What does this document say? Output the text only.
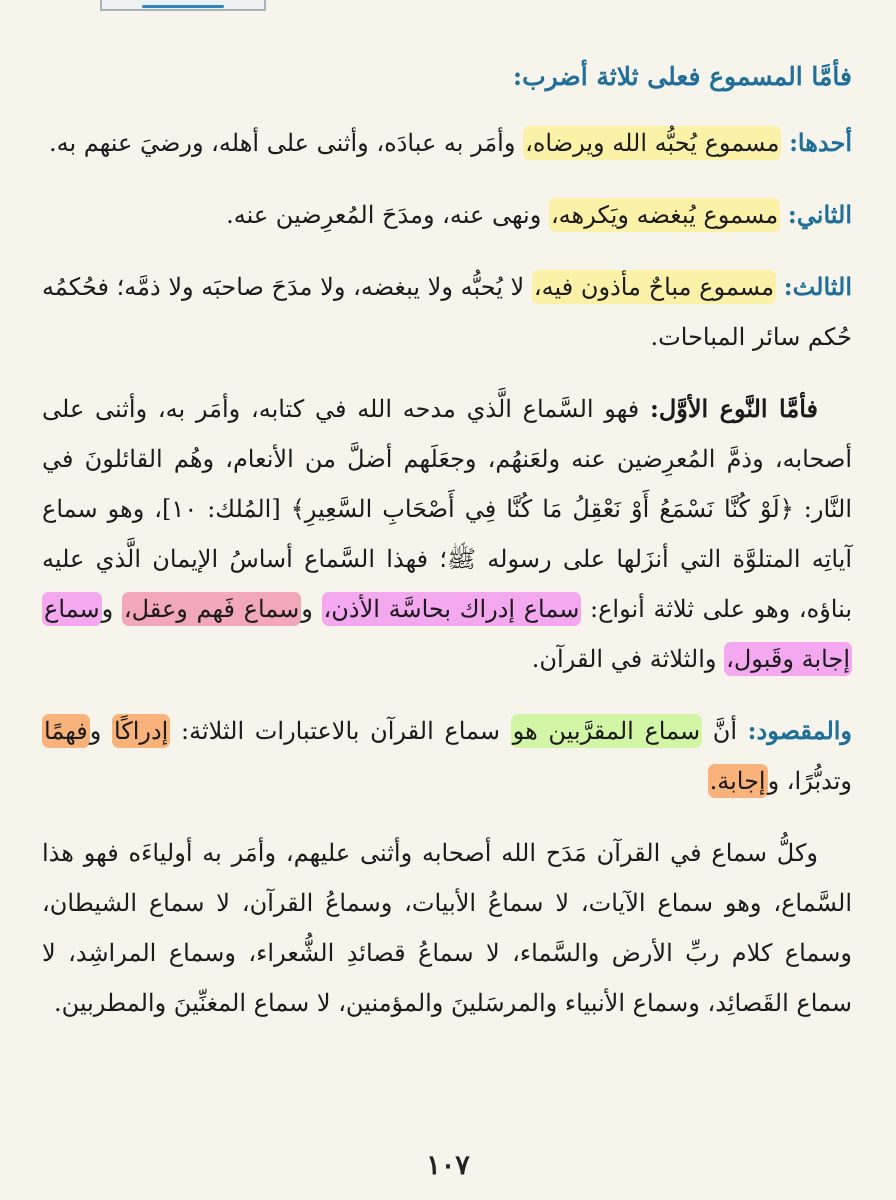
فأمَّا المسموع فعلى ثلاثة أضرب:

أحدها: مسموع يُحبُّه الله ويرضاه، وأمَر به عبادَه، وأثنى على أهله، ورضيَ عنهم به.

الثاني: مسموع يُبغضه ويَكرهه، ونهى عنه، ومدَحَ المُعرِضين عنه.

الثالث: مسموع مباحٌ مأذون فيه، لا يُحبُّه ولا يبغضه، ولا مدَحَ صاحبَه ولا ذمَّه؛ فحُكمُه حُكم سائر المباحات.

فأمَّا النَّوع الأوَّل: فهو السَّماع الَّذي مدحه الله في كتابه، وأمَر به، وأثنى على أصحابه، وذمَّ المُعرِضين عنه ولعَنهُم، وجعَلَهم أضلَّ من الأنعام، وهُم القائلونَ في النَّار: ﴿لَوْ كُنَّا نَسْمَعُ أَوْ نَعْقِلُ مَا كُنَّا فِي أَصْحَابِ السَّعِيرِ﴾ [المُلك: ١٠]، وهو سماع آياتِه المتلوَّة التي أنزَلها على رسوله ﷺ؛ فهذا السَّماع أساسُ الإيمان الَّذي عليه بناؤه، وهو على ثلاثة أنواع: سماع إدراك بحاسَّة الأذن، وسماع فَهم وعقل، وسماع إجابة وقَبول، والثلاثة في القرآن.

والمقصود: أنَّ سماع المقرَّبين هو سماع القرآن بالاعتبارات الثلاثة: إدراكًا وفهمًا وتدبُّرًا، وإجابة.

وكلُّ سماع في القرآن مَدَح الله أصحابه وأثنى عليهم، وأمَر به أولياءَه فهو هذا السَّماع، وهو سماع الآيات، لا سماعُ الأبيات، وسماعُ القرآن، لا سماع الشيطان، وسماع كلام ربِّ الأرض والسَّماء، لا سماعُ قصائدِ الشُّعراء، وسماع المراشِد، لا سماع القَصائِد، وسماع الأنبياء والمرسَلينَ والمؤمنين، لا سماع المغنِّينَ والمطربين.

١٠٧
